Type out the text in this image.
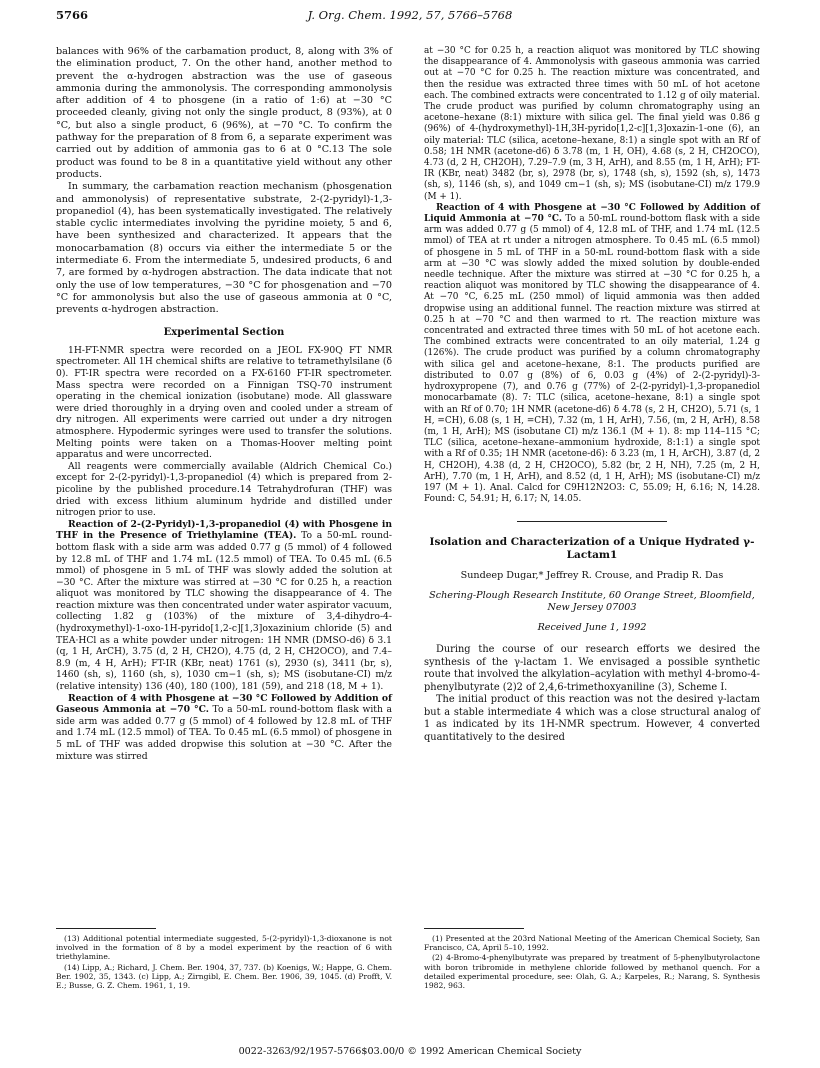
5766	J. Org. Chem. 1992, 57, 5766–5768

balances with 96% of the carbamation product, 8, along with 3% of the elimination product, 7. On the other hand, another method to prevent the α-hydrogen abstraction was the use of gaseous ammonia during the ammonolysis. The corresponding ammonolysis after addition of 4 to phosgene (in a ratio of 1:6) at −30 °C proceeded cleanly, giving not only the single product, 8 (93%), at 0 °C, but also a single product, 6 (96%), at −70 °C. To confirm the pathway for the preparation of 8 from 6, a separate experiment was carried out by addition of ammonia gas to 6 at 0 °C.13 The sole product was found to be 8 in a quantitative yield without any other products.

In summary, the carbamation reaction mechanism (phosgenation and ammonolysis) of representative substrate, 2-(2-pyridyl)-1,3-propanediol (4), has been systematically investigated. The relatively stable cyclic intermediates involving the pyridine moiety, 5 and 6, have been synthesized and characterized. It appears that the monocarbamation (8) occurs via either the intermediate 5 or the intermediate 6. From the intermediate 5, undesired products, 6 and 7, are formed by α-hydrogen abstraction. The data indicate that not only the use of low temperatures, −30 °C for phosgenation and −70 °C for ammonolysis but also the use of gaseous ammonia at 0 °C, prevents α-hydrogen abstraction.

Experimental Section

1H-FT-NMR spectra were recorded on a JEOL FX-90Q FT NMR spectrometer. All 1H chemical shifts are relative to tetramethylsilane (δ 0). FT-IR spectra were recorded on a FX-6160 FT-IR spectrometer. Mass spectra were recorded on a Finnigan TSQ-70 instrument operating in the chemical ionization (isobutane) mode. All glassware were dried thoroughly in a drying oven and cooled under a stream of dry nitrogen. All experiments were carried out under a dry nitrogen atmosphere. Hypodermic syringes were used to transfer the solutions. Melting points were taken on a Thomas-Hoover melting point apparatus and were uncorrected.

All reagents were commercially available (Aldrich Chemical Co.) except for 2-(2-pyridyl)-1,3-propanediol (4) which is prepared from 2-picoline by the published procedure.14 Tetrahydrofuran (THF) was dried with excess lithium aluminum hydride and distilled under nitrogen prior to use.

Reaction of 2-(2-Pyridyl)-1,3-propanediol (4) with Phosgene in THF in the Presence of Triethylamine (TEA). To a 50-mL round-bottom flask with a side arm was added 0.77 g (5 mmol) of 4 followed by 12.8 mL of THF and 1.74 mL (12.5 mmol) of TEA. To 0.45 mL (6.5 mmol) of phosgene in 5 mL of THF was slowly added the solution at −30 °C. After the mixture was stirred at −30 °C for 0.25 h, a reaction aliquot was monitored by TLC showing the disappearance of 4. The reaction mixture was then concentrated under water aspirator vacuum, collecting 1.82 g (103%) of the mixture of 3,4-dihydro-4-(hydroxymethyl)-1-oxo-1H-pyrido[1,2-c][1,3]oxazinium chloride (5) and TEA·HCl as a white powder under nitrogen: 1H NMR (DMSO-d6) δ 3.1 (q, 1 H, ArCH), 3.75 (d, 2 H, CH2O), 4.75 (d, 2 H, CH2OCO), and 7.4–8.9 (m, 4 H, ArH); FT-IR (KBr, neat) 1761 (s), 2930 (s), 3411 (br, s), 1460 (sh, s), 1160 (sh, s), 1030 cm−1 (sh, s); MS (isobutane-CI) m/z (relative intensity) 136 (40), 180 (100), 181 (59), and 218 (18, M + 1).

Reaction of 4 with Phosgene at −30 °C Followed by Addition of Gaseous Ammonia at −70 °C. To a 50-mL round-bottom flask with a side arm was added 0.77 g (5 mmol) of 4 followed by 12.8 mL of THF and 1.74 mL (12.5 mmol) of TEA. To 0.45 mL (6.5 mmol) of phosgene in 5 mL of THF was added dropwise this solution at −30 °C. After the mixture was stirred

at −30 °C for 0.25 h, a reaction aliquot was monitored by TLC showing the disappearance of 4. Ammonolysis with gaseous ammonia was carried out at −70 °C for 0.25 h. The reaction mixture was concentrated, and then the residue was extracted three times with 50 mL of hot acetone each. The combined extracts were concentrated to 1.12 g of oily material. The crude product was purified by column chromatography using an acetone–hexane (8:1) mixture with silica gel. The final yield was 0.86 g (96%) of 4-(hydroxymethyl)-1H,3H-pyrido[1,2-c][1,3]oxazin-1-one (6), an oily material: TLC (silica, acetone–hexane, 8:1) a single spot with an Rf of 0.58; 1H NMR (acetone-d6) δ 3.78 (m, 1 H, OH), 4.68 (s, 2 H, CH2OCO), 4.73 (d, 2 H, CH2OH), 7.29–7.9 (m, 3 H, ArH), and 8.55 (m, 1 H, ArH); FT-IR (KBr, neat) 3482 (br, s), 2978 (br, s), 1748 (sh, s), 1592 (sh, s), 1473 (sh, s), 1146 (sh, s), and 1049 cm−1 (sh, s); MS (isobutane-CI) m/z 179.9 (M + 1).

Reaction of 4 with Phosgene at −30 °C Followed by Addition of Liquid Ammonia at −70 °C. To a 50-mL round-bottom flask with a side arm was added 0.77 g (5 mmol) of 4, 12.8 mL of THF, and 1.74 mL (12.5 mmol) of TEA at rt under a nitrogen atmosphere. To 0.45 mL (6.5 mmol) of phosgene in 5 mL of THF in a 50-mL round-bottom flask with a side arm at −30 °C was slowly added the mixed solution by double-ended needle technique. After the mixture was stirred at −30 °C for 0.25 h, a reaction aliquot was monitored by TLC showing the disappearance of 4. At −70 °C, 6.25 mL (250 mmol) of liquid ammonia was then added dropwise using an additional funnel. The reaction mixture was stirred at 0.25 h at −70 °C and then warmed to rt. The reaction mixture was concentrated and extracted three times with 50 mL of hot acetone each. The combined extracts were concentrated to an oily material, 1.24 g (126%). The crude product was purified by a column chromatography with silica gel and acetone–hexane, 8:1. The products purified are distributed to 0.07 g (8%) of 6, 0.03 g (4%) of 2-(2-pyridyl)-3-hydroxypropene (7), and 0.76 g (77%) of 2-(2-pyridyl)-1,3-propanediol monocarbamate (8). 7: TLC (silica, acetone–hexane, 8:1) a single spot with an Rf of 0.70; 1H NMR (acetone-d6) δ 4.78 (s, 2 H, CH2O), 5.71 (s, 1 H, =CH), 6.08 (s, 1 H, =CH), 7.32 (m, 1 H, ArH), 7.56, (m, 2 H, ArH), 8.58 (m, 1 H, ArH); MS (isobutane CI) m/z 136.1 (M + 1). 8: mp 114–115 °C; TLC (silica, acetone–hexane–ammonium hydroxide, 8:1:1) a single spot with a Rf of 0.35; 1H NMR (acetone-d6): δ 3.23 (m, 1 H, ArCH), 3.87 (d, 2 H, CH2OH), 4.38 (d, 2 H, CH2OCO), 5.82 (br, 2 H, NH), 7.25 (m, 2 H, ArH), 7.70 (m, 1 H, ArH), and 8.52 (d, 1 H, ArH); MS (isobutane-CI) m/z 197 (M + 1). Anal. Calcd for C9H12N2O3: C, 55.09; H, 6.16; N, 14.28. Found: C, 54.91; H, 6.17; N, 14.05.

Isolation and Characterization of a Unique Hydrated γ-Lactam1
Sundeep Dugar,* Jeffrey R. Crouse, and Pradip R. Das
Schering-Plough Research Institute, 60 Orange Street, Bloomfield, New Jersey 07003
Received June 1, 1992

During the course of our research efforts we desired the synthesis of the γ-lactam 1. We envisaged a possible synthetic route that involved the alkylation–acylation with methyl 4-bromo-4-phenylbutyrate (2)2 of 2,4,6-trimethoxyaniline (3), Scheme I.

The initial product of this reaction was not the desired γ-lactam but a stable intermediate 4 which was a close structural analog of 1 as indicated by its 1H-NMR spectrum. However, 4 converted quantitatively to the desired

(13) Additional potential intermediate suggested, 5-(2-pyridyl)-1,3-dioxanone is not involved in the formation of 8 by a model experiment by the reaction of 6 with triethylamine.

(14) Lipp, A.; Richard, J. Chem. Ber. 1904, 37, 737. (b) Koenigs, W.; Happe, G. Chem. Ber. 1902, 35, 1343. (c) Lipp, A.; Zirngibl, E. Chem. Ber. 1906, 39, 1045. (d) Profft, V. E.; Busse, G. Z. Chem. 1961, 1, 19.

(1) Presented at the 203rd National Meeting of the American Chemical Society, San Francisco, CA, April 5–10, 1992.

(2) 4-Bromo-4-phenylbutyrate was prepared by treatment of 5-phenylbutyrolactone with boron tribromide in methylene chloride followed by methanol quench. For a detailed experimental procedure, see: Olah, G. A.; Karpeles, R.; Narang, S. Synthesis 1982, 963.

0022-3263/92/1957-5766$03.00/0 © 1992 American Chemical Society
